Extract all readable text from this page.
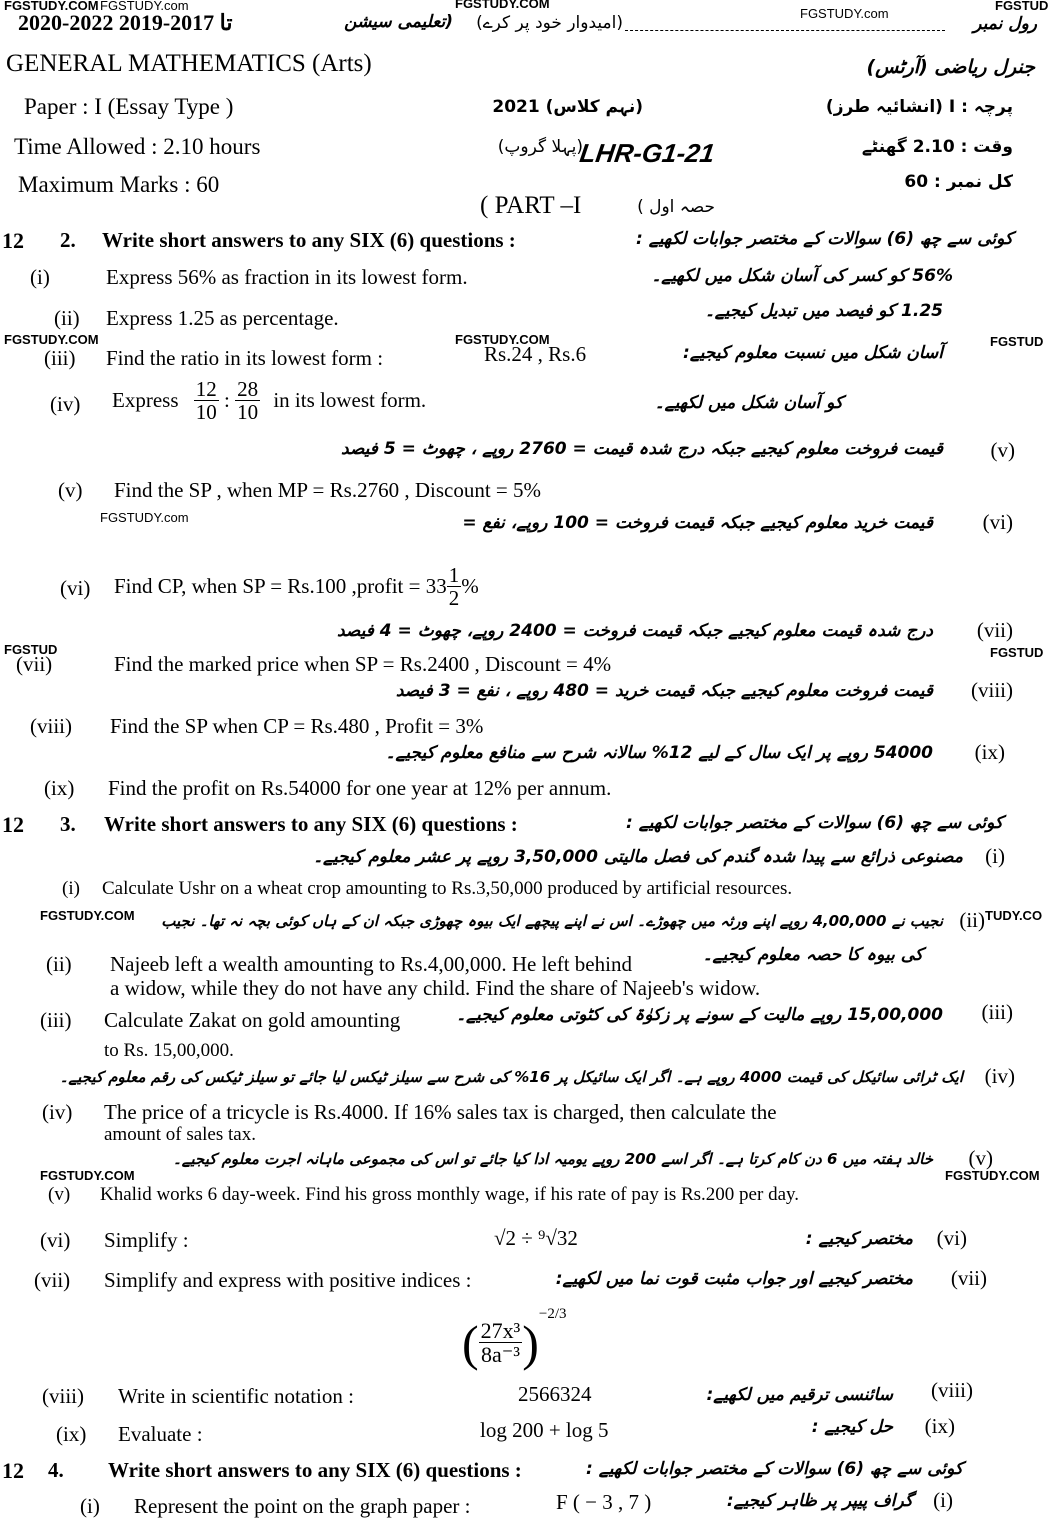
FGSTUDY.COM FGSTUDY.com	FGSTUDY.COM
FGSTUDY.com
FGSTUD
FGSTUDY.COM	FGSTUDY.COM	FGSTUD
FGSTUDY.com
FGSTUD	FGSTUD
FGSTUDY.COM	TUDY.CO
FGSTUDY.COM	FGSTUDY.COM
2020-2022 تا 2017-2019	(تعلیمی سیشن (امیدوار خود پر کرے)	رول نمبر
GENERAL MATHEMATICS (Arts)	جنرل ریاضی (آرٹس)
Paper : I (Essay Type )	(نہم کلاس) 2021	پرچہ : I (انشائیہ طرز)
Time Allowed : 2.10 hours	(پہلا گروپ)
LHR-G1-21	وقت : 2.10 گھنٹے
Maximum Marks : 60	کل نمبر : 60
( PART –I	حصہ اول )
12 2. Write short answers to any SIX (6) questions :	کوئی سے چھ (6) سوالات کے مختصر جوابات لکھیے :
(i)	Express 56% as fraction in its lowest form.	56% کو کسر کی آسان شکل میں لکھیے۔
(ii) Express 1.25 as percentage.	1.25 کو فیصد میں تبدیل کیجیے۔
(iii) Find the ratio in its lowest form :	Rs.24 , Rs.6	آسان شکل میں نسبت معلوم کیجیے:
(iv) Express $\frac{12}{10}$ : $\frac{28}{10}$ in its lowest form.	کو آسان شکل میں لکھیے۔
قیمت فروخت معلوم کیجیے جبکہ درج شدہ قیمت = 2760 روپے ، چھوٹ = 5 فیصد (v)
(v) Find the SP , when MP = Rs.2760 , Discount = 5%
قیمت خرید معلوم کیجیے جبکہ قیمت فروخت = 100 روپے، نفع = (vi)
(vi) Find CP, when SP = Rs.100 ,profit = $33 \frac{1}{2}$ %
درج شدہ قیمت معلوم کیجیے جبکہ قیمت فروخت = 2400 روپے، چھوٹ = 4 فیصد (vii)
(vii)	Find the marked price when SP = Rs.2400 , Discount = 4%
قیمت فروخت معلوم کیجیے جبکہ قیمت خرید = 480 روپے ، نفع = 3 فیصد (viii)
(viii) Find the SP when CP = Rs.480 , Profit = 3%
54000 روپے پر ایک سال کے لیے 12% سالانہ شرح سے منافع معلوم کیجیے۔ (ix)
(ix) Find the profit on Rs.54000 for one year at 12% per annum.
12 3. Write short answers to any SIX (6) questions :	کوئی سے چھ (6) سوالات کے مختصر جوابات لکھیے :
مصنوعی ذرائع سے پیدا شدہ گندم کی فصل مالیتی 3,50,000 روپے پر عشر معلوم کیجیے۔ (i)
(i) Calculate Ushr on a wheat crop amounting to Rs.3,50,000 produced by artificial resources.
نجیب نے 4,00,000 روپے اپنے ورثہ میں چھوڑے۔ اس نے اپنے پیچھے ایک بیوہ چھوڑی جبکہ ان کے ہاں کوئی بچہ نہ تھا۔ نجیب (ii)
کی بیوہ کا حصہ معلوم کیجیے۔
(ii) Najeeb left a wealth amounting to Rs.4,00,000. He left behind
a widow, while they do not have any child. Find the share of Najeeb's widow.
(iii) Calculate Zakat on gold amounting
to Rs. 15,00,000.
15,00,000 روپے مالیت کے سونے پر زکوٰۃ کی کٹوتی معلوم کیجیے۔ (iii)
ایک ٹرائی سائیکل کی قیمت 4000 روپے ہے۔ اگر ایک سائیکل پر 16% کی شرح سے سیلز ٹیکس لیا جائے تو سیلز ٹیکس کی رقم معلوم کیجیے۔ (iv)
(iv) The price of a tricycle is Rs.4000. If 16% sales tax is charged, then calculate the
amount of sales tax.
خالد ہفتہ میں 6 دن کام کرتا ہے۔ اگر اسے 200 روپے یومیہ ادا کیا جائے تو اس کی مجموعی ماہانہ اجرت معلوم کیجیے۔ (v)
(v) Khalid works 6 day-week. Find his gross monthly wage, if his rate of pay is Rs.200 per day.
(vi) Simplify :	√2 ÷ ⁹√32	مختصر کیجیے : (vi)
(vii) Simplify and express with positive indices :	مختصر کیجیے اور جواب مثبت قوت نما میں لکھیے: (vii)
( $\frac{\text{27x³}}{\text{8a⁻³}} )^{-2/3}$
(viii) Write in scientific notation :	2566324	سائنسی ترقیم میں لکھیے: (viii)
(ix) Evaluate :	log 200 + log 5	حل کیجیے : (ix)
12 4. Write short answers to any SIX (6) questions :	کوئی سے چھ (6) سوالات کے مختصر جوابات لکھیے :
(i) Represent the point on the graph paper :	F ( − 3 , 7 )	گراف پیپر پر ظاہر کیجیے: (i)
